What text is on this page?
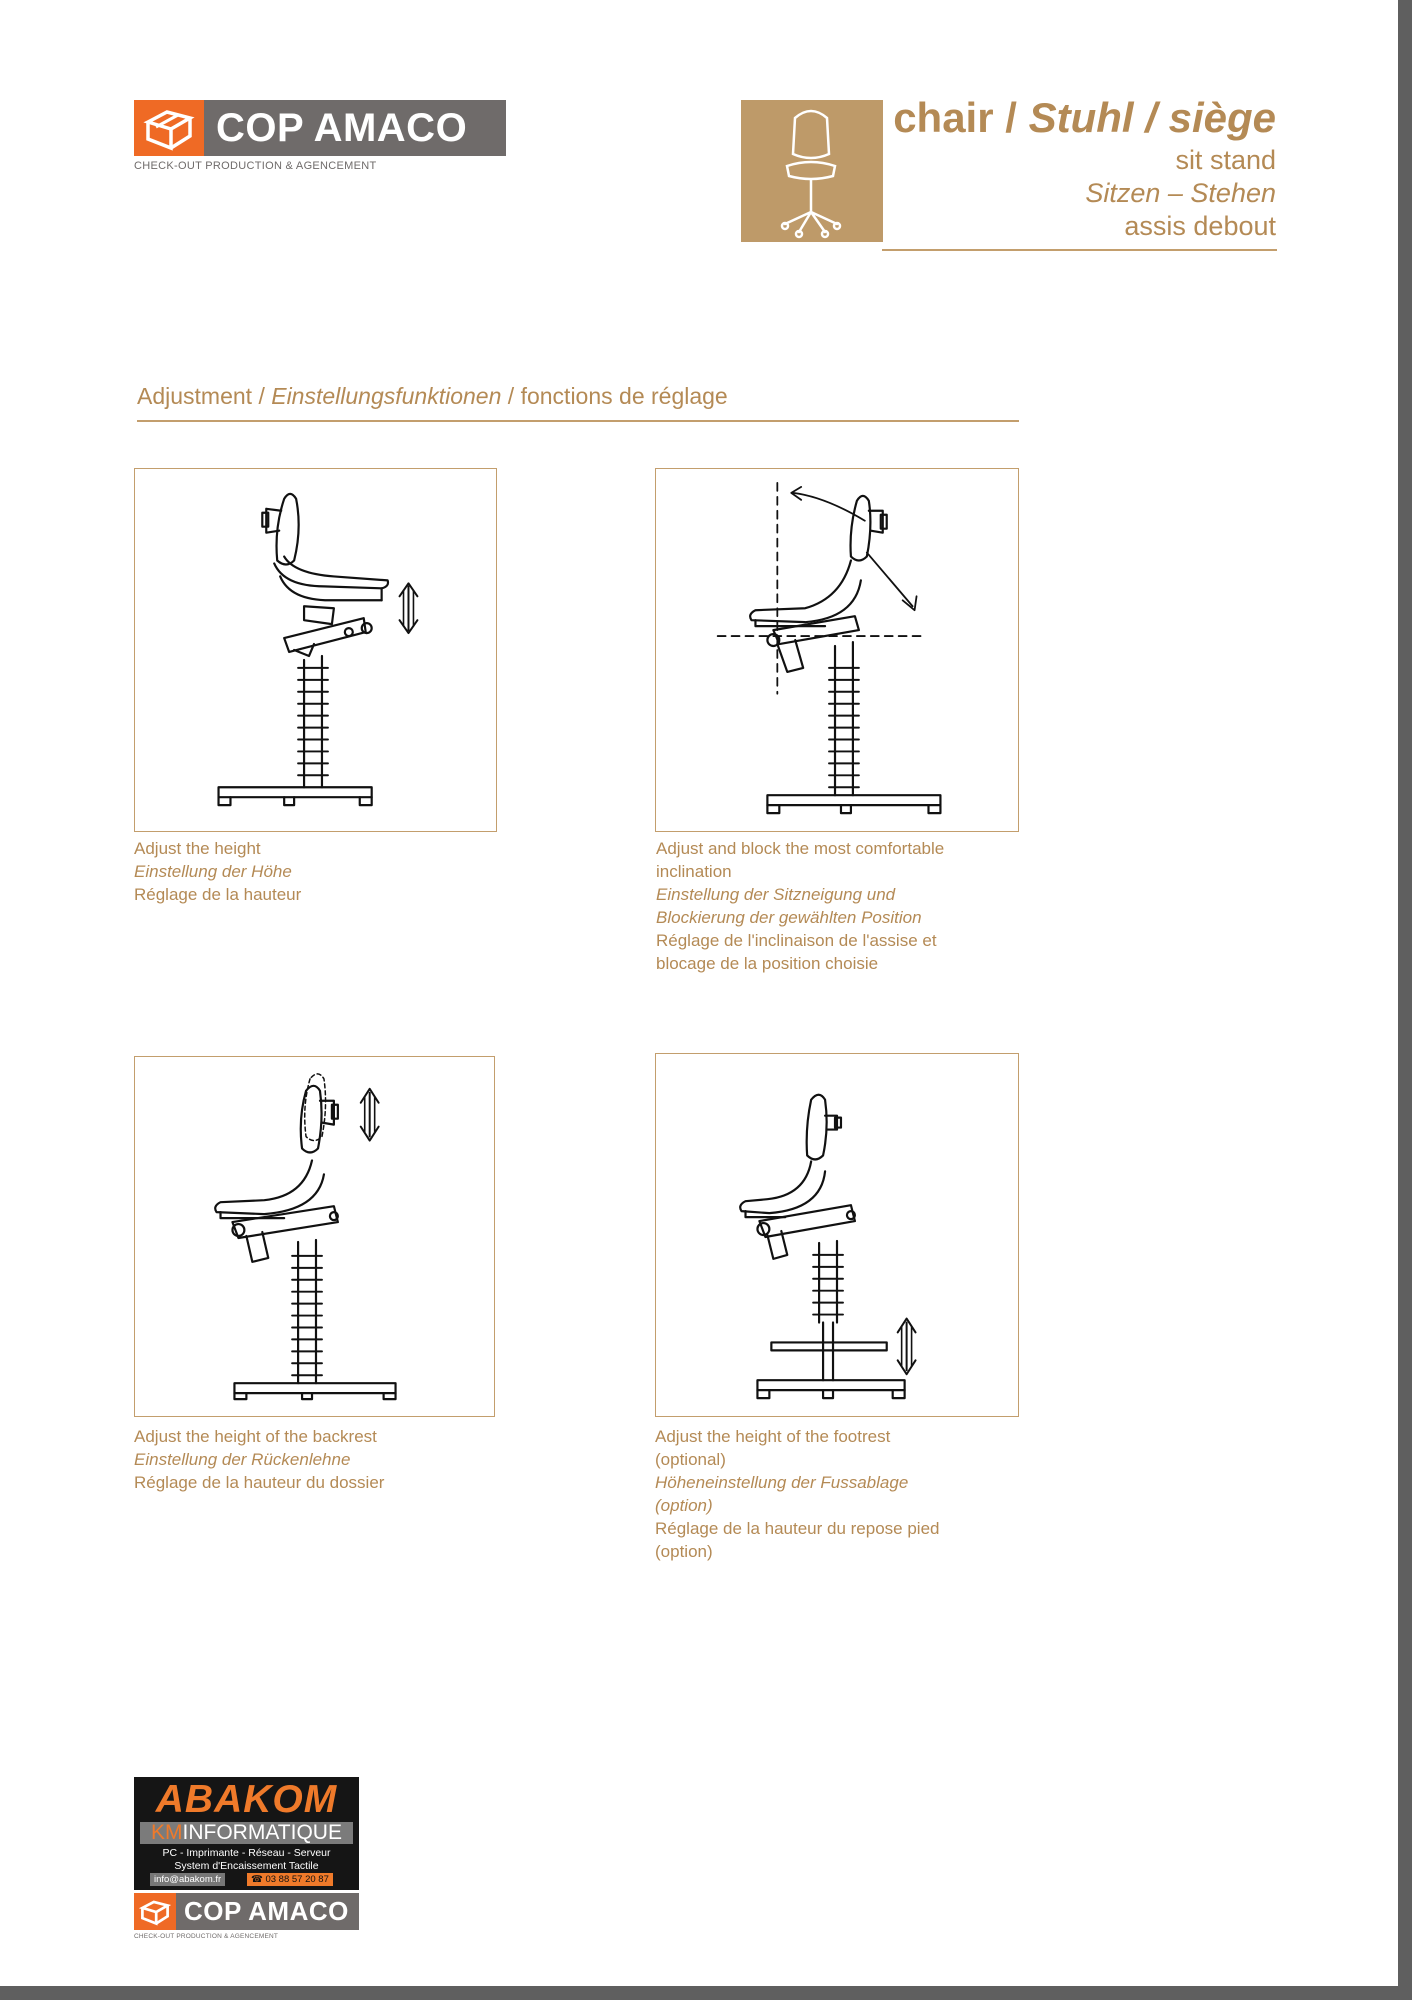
COP AMACO
CHECK-OUT PRODUCTION & AGENCEMENT
chair / Stuhl / siège
sit stand
Sitzen – Stehen
assis debout
Adjustment / Einstellungsfunktionen / fonctions de réglage
Adjust the height
Einstellung der Höhe
Réglage de la hauteur
Adjust and block the most comfortable
inclination
Einstellung der Sitzneigung und
Blockierung der gewählten Position
Réglage de l'inclinaison de l'assise et
blocage de la position choisie
Adjust the height of the backrest
Einstellung der Rückenlehne
Réglage de la hauteur du dossier
Adjust the height of the footrest
(optional)
Höheneinstellung der Fussablage
(option)
Réglage de la hauteur du repose pied
(option)
ABAKOM
KMINFORMATIQUE
PC - Imprimante - Réseau - Serveur
System d'Encaissement Tactile
info@abakom.fr	☎ 03 88 57 20 87
COP AMACO
CHECK-OUT PRODUCTION & AGENCEMENT
